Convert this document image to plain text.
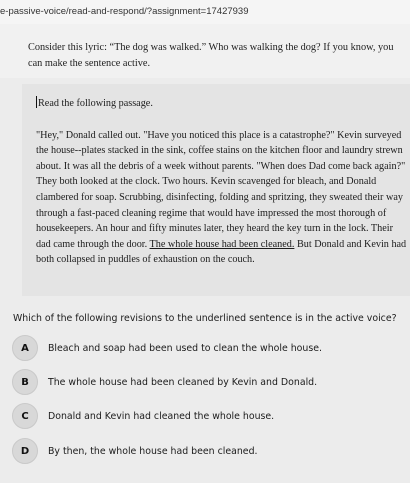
e-passive-voice/read-and-respond/?assignment=17427939
Consider this lyric: “The dog was walked.” Who was walking the dog? If you know, you can make the sentence active.

Read the following passage.

"Hey," Donald called out. "Have you noticed this place is a catastrophe?" Kevin surveyed the house--plates stacked in the sink, coffee stains on the kitchen floor and laundry strewn about. It was all the debris of a week without parents. "When does Dad come back again?" They both looked at the clock. Two hours. Kevin scavenged for bleach, and Donald clambered for soap. Scrubbing, disinfecting, folding and spritzing, they sweated their way through a fast-paced cleaning regime that would have impressed the most thorough of housekeepers. An hour and fifty minutes later, they heard the key turn in the lock. Their dad came through the door. The whole house had been cleaned. But Donald and Kevin had both collapsed in puddles of exhaustion on the couch.

Which of the following revisions to the underlined sentence is in the active voice?
A	Bleach and soap had been used to clean the whole house.
B	The whole house had been cleaned by Kevin and Donald.
C	Donald and Kevin had cleaned the whole house.
D	By then, the whole house had been cleaned.
